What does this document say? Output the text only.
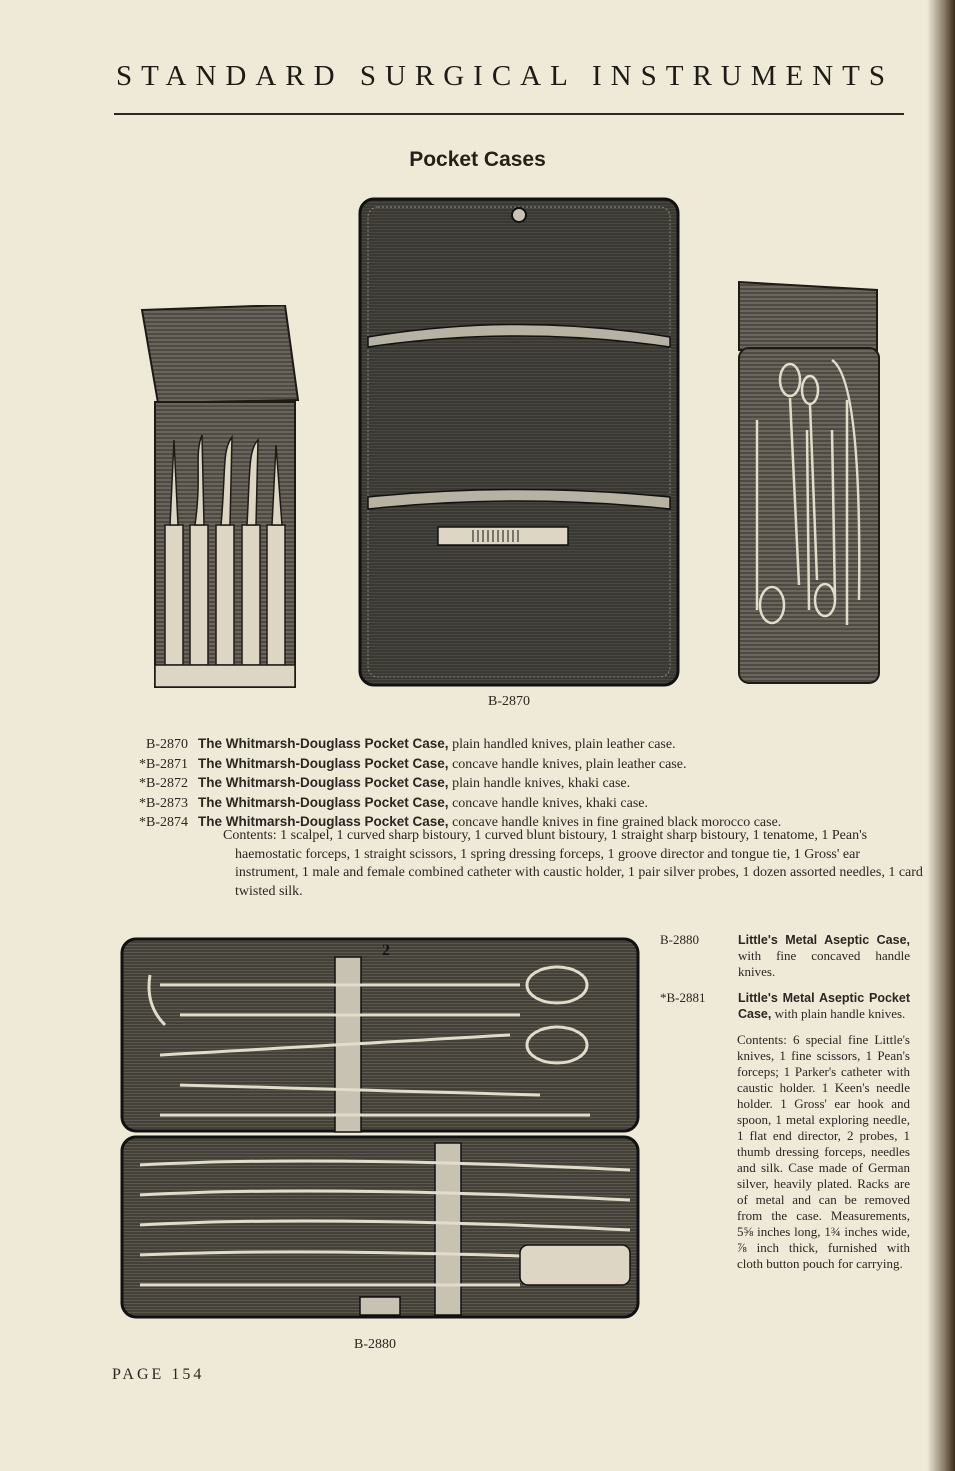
STANDARD SURGICAL INSTRUMENTS
Pocket Cases
B-2870
B-2870 The Whitmarsh-Douglass Pocket Case, plain handled knives, plain leather case.
*B-2871 The Whitmarsh-Douglass Pocket Case, concave handle knives, plain leather case.
*B-2872 The Whitmarsh-Douglass Pocket Case, plain handle knives, khaki case.
*B-2873 The Whitmarsh-Douglass Pocket Case, concave handle knives, khaki case.
*B-2874 The Whitmarsh-Douglass Pocket Case, concave handle knives in fine grained black morocco case.
Contents: 1 scalpel, 1 curved sharp bistoury, 1 curved blunt bistoury, 1 straight sharp bistoury, 1 tenatome, 1 Pean's haemostatic forceps, 1 straight scissors, 1 spring dressing forceps, 1 groove director and tongue tie, 1 Gross' ear instrument, 1 male and female combined catheter with caustic holder, 1 pair silver probes, 1 dozen assorted needles, 1 card twisted silk.
2
B-2880
B-2880	Little's Metal Aseptic Case, with fine concaved handle knives.
*B-2881	Little's Metal Aseptic Pocket Case, with plain handle knives.
Contents: 6 special fine Little's knives, 1 fine scissors, 1 Pean's forceps; 1 Parker's catheter with caustic holder. 1 Keen's needle holder. 1 Gross' ear hook and spoon, 1 metal exploring needle, 1 flat end director, 2 probes, 1 thumb dressing forceps, needles and silk. Case made of German silver, heavily plated. Racks are of metal and can be removed from the case. Measurements, 5⅝ inches long, 1¾ inches wide, ⅞ inch thick, furnished with cloth button pouch for carrying.
PAGE 154
